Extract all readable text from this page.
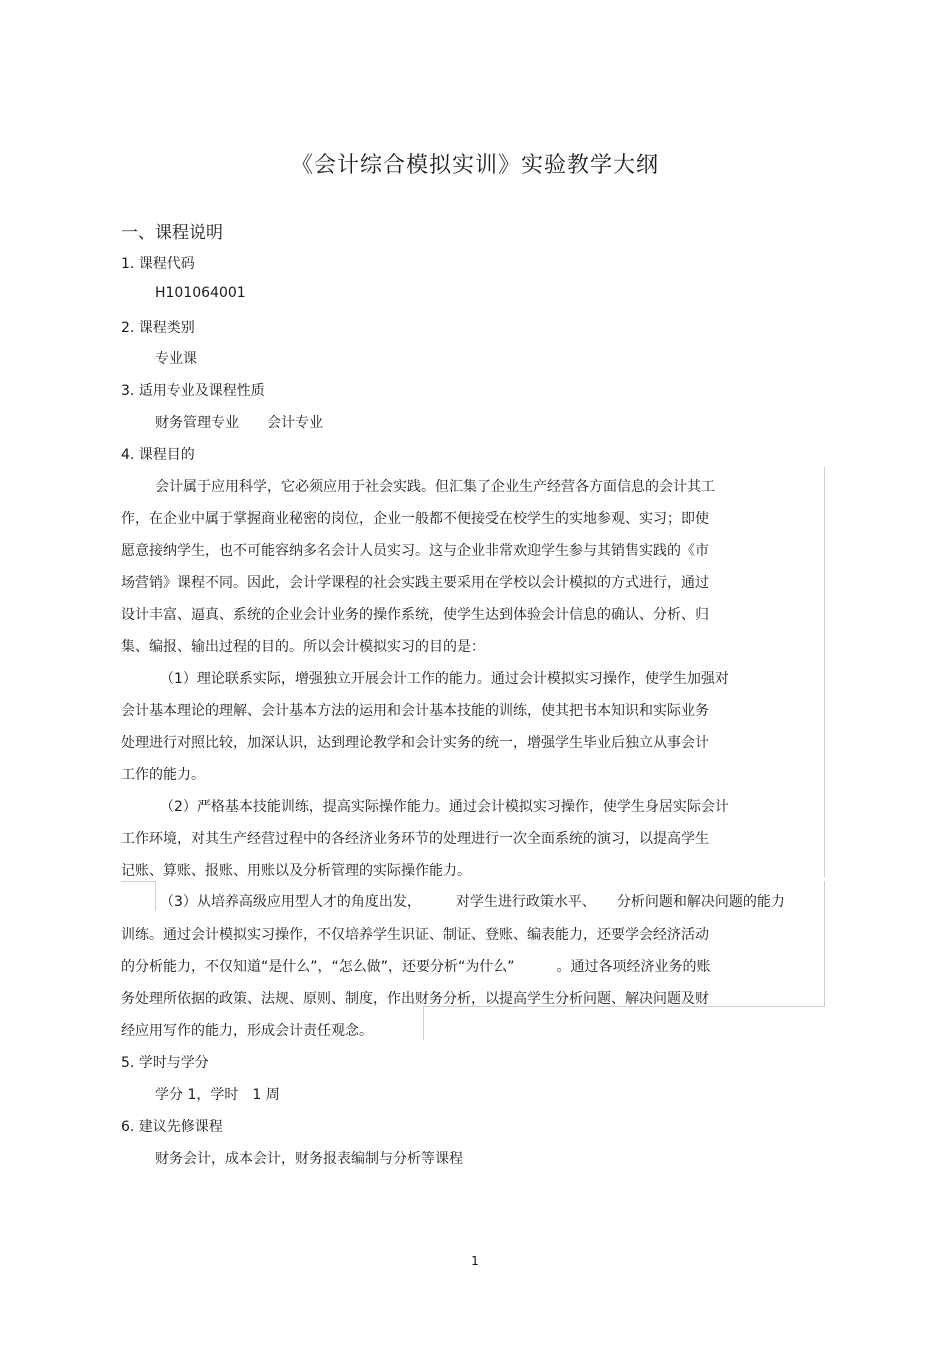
《会计综合模拟实训》实验教学大纲
一、课程说明
1. 课程代码
H101064001
2. 课程类别
专业课
3. 适用专业及课程性质
财务管理专业　　会计专业
4. 课程目的
会计属于应用科学，它必须应用于社会实践。但汇集了企业生产经营各方面信息的会计其工
作，在企业中属于掌握商业秘密的岗位，企业一般都不便接受在校学生的实地参观、实习；即使
愿意接纳学生，也不可能容纳多名会计人员实习。这与企业非常欢迎学生参与其销售实践的《市
场营销》课程不同。因此，会计学课程的社会实践主要采用在学校以会计模拟的方式进行，通过
设计丰富、逼真、系统的企业会计业务的操作系统，使学生达到体验会计信息的确认、分析、归
集、编报、输出过程的目的。所以会计模拟实习的目的是：
（1）理论联系实际，增强独立开展会计工作的能力。通过会计模拟实习操作，使学生加强对
会计基本理论的理解、会计基本方法的运用和会计基本技能的训练，使其把书本知识和实际业务
处理进行对照比较，加深认识，达到理论教学和会计实务的统一，增强学生毕业后独立从事会计
工作的能力。
（2）严格基本技能训练，提高实际操作能力。通过会计模拟实习操作，使学生身居实际会计
工作环境，对其生产经营过程中的各经济业务环节的处理进行一次全面系统的演习，以提高学生
记账、算账、报账、用账以及分析管理的实际操作能力。
（3）从培养高级应用型人才的角度出发，　　　对学生进行政策水平、　　分析问题和解决问题的能力
训练。通过会计模拟实习操作，不仅培养学生识证、制证、登账、编表能力，还要学会经济活动
的分析能力，不仅知道“是什么”，“怎么做”，还要分析“为什么”　　　。通过各项经济业务的账
务处理所依据的政策、法规、原则、制度，作出财务分析，以提高学生分析问题、解决问题及财
经应用写作的能力，形成会计责任观念。
5. 学时与学分
学分 1，学时　1 周
6. 建议先修课程
财务会计，成本会计，财务报表编制与分析等课程
1
